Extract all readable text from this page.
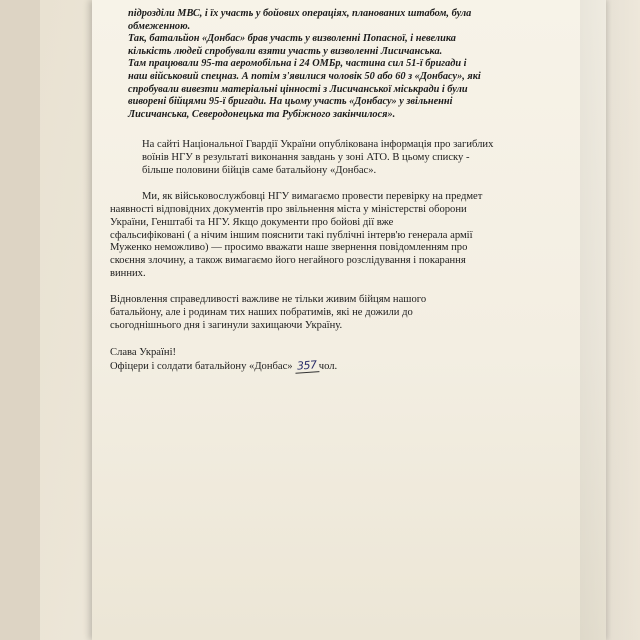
підрозділи МВС, і їх участь у бойових операціях, планованих штабом, була
обмеженною.
Так, батальйон «Донбас» брав участь у визволенні Попасної, і невелика
кількість людей спробували взяти участь у визволенні Лисичанська.
Там працювали 95-та аеромобільна і 24 ОМБр, частина сил 51-ї бригади і
наш військовий спецназ. А потім з'явилися чоловік 50 або 60 з «Донбасу», які
спробували вивезти матеріальні цінності з Лисичанської міськради і були
виворені бійцями 95-ї бригади. На цьому участь «Донбасу» у звільненні
Лисичанська, Северодонецька та Рубіжного закінчилося».
На сайті Національної Гвардії України опублікована інформація про загиблих
воїнів НГУ в результаті виконання завдань у зоні АТО. В цьому списку -
більше половини бійців саме батальйону «Донбас».
Ми, як військовослужбовці НГУ вимагаємо провести перевірку на предмет
наявності відповідних документів про звільнення міста у міністерстві оборони
України, Генштабі та НГУ. Якщо документи про бойові дії вже
сфальсифіковані ( а нічим іншим пояснити такі публічні інтерв'ю генерала армії
Муженко неможливо) — просимо вважати наше звернення повідомленням про
скоєння злочину, а також вимагаємо його негайного розслідування і покарання
винних.
Відновлення справедливості важливе не тільки живим бійцям нашого
батальйону, але і родинам тих наших побратимів, які не дожили до
сьогоднішнього дня і загинули захищаючи Україну.
Слава Україні!
Офіцери і солдати батальйону «Донбас» 357 чол.
